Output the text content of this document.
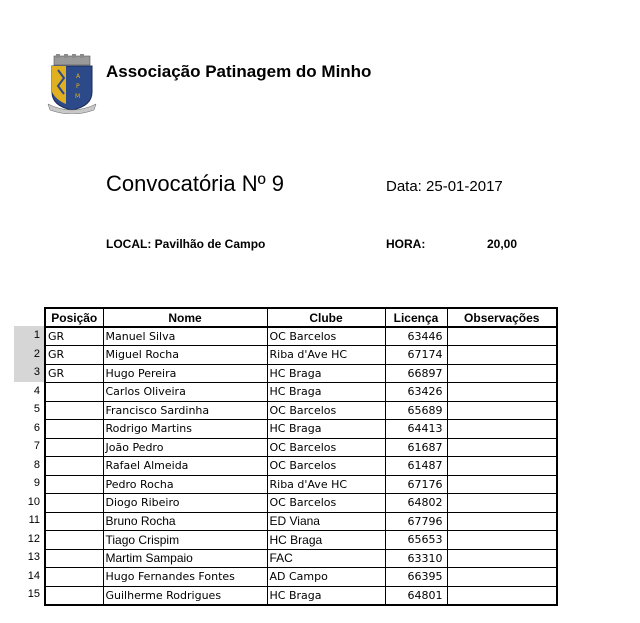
A
P
M
Associação Patinagem do Minho
Convocatória Nº 9	Data: 25-01-2017
LOCAL: Pavilhão de Campo	HORA:	20,00
1
2
3
4
5
6
7
8
9
10
11
12
13
14
15
Posição	Nome	Clube	Licença	Observações
GR	Manuel Silva	OC Barcelos	63446	
GR	Miguel Rocha	Riba d'Ave HC	67174	
GR	Hugo Pereira	HC Braga	66897	
	Carlos Oliveira	HC Braga	63426	
	Francisco Sardinha	OC Barcelos	65689	
	Rodrigo Martins	HC Braga	64413	
	João Pedro	OC Barcelos	61687	
	Rafael Almeida	OC Barcelos	61487	
	Pedro Rocha	Riba d'Ave HC	67176	
	Diogo Ribeiro	OC Barcelos	64802	
	Bruno Rocha	ED Viana	67796	
	Tiago Crispim	HC Braga	65653	
	Martim Sampaio	FAC	63310	
	Hugo Fernandes Fontes	AD Campo	66395	
	Guilherme Rodrigues	HC Braga	64801	
